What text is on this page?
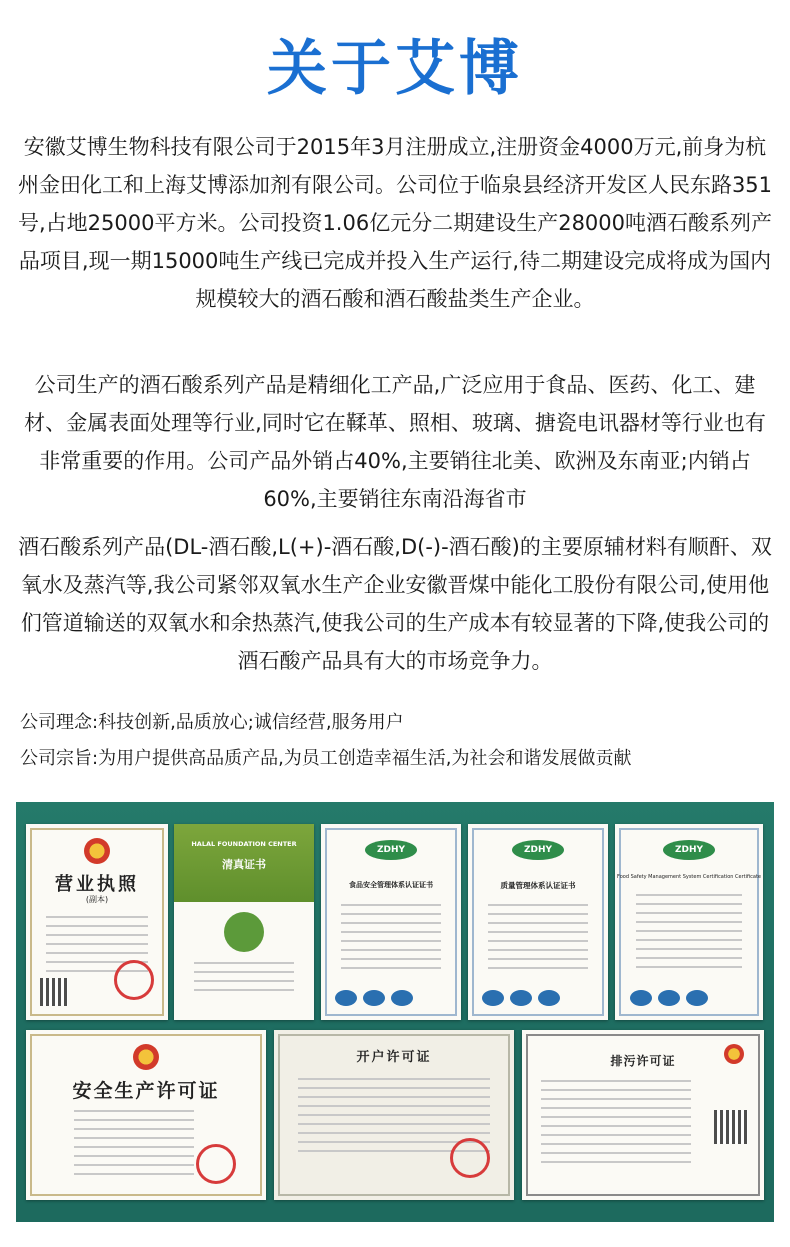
关于艾博

安徽艾博生物科技有限公司于2015年3月注册成立,注册资金4000万元,前身为杭州金田化工和上海艾博添加剂有限公司。公司位于临泉县经济开发区人民东路351号,占地25000平方米。公司投资1.06亿元分二期建设生产28000吨酒石酸系列产品项目,现一期15000吨生产线已完成并投入生产运行,待二期建设完成将成为国内规模较大的酒石酸和酒石酸盐类生产企业。

公司生产的酒石酸系列产品是精细化工产品,广泛应用于食品、医药、化工、建材、金属表面处理等行业,同时它在鞣革、照相、玻璃、搪瓷电讯器材等行业也有非常重要的作用。公司产品外销占40%,主要销往北美、欧洲及东南亚;内销占60%,主要销往东南沿海省市

酒石酸系列产品(DL-酒石酸,L(+)-酒石酸,D(-)-酒石酸)的主要原辅材料有顺酐、双氧水及蒸汽等,我公司紧邻双氧水生产企业安徽晋煤中能化工股份有限公司,使用他们管道输送的双氧水和余热蒸汽,使我公司的生产成本有较显著的下降,使我公司的酒石酸产品具有大的市场竞争力。

公司理念:科技创新,品质放心;诚信经营,服务用户

公司宗旨:为用户提供高品质产品,为员工创造幸福生活,为社会和谐发展做贡献

营业执照
(副本)
HALAL FOUNDATION CENTER
清真证书
ZDHY
食品安全管理体系认证证书
ZDHY
质量管理体系认证证书
ZDHY
Food Safety Management System Certification Certificate
安全生产许可证
开户许可证	排污许可证
